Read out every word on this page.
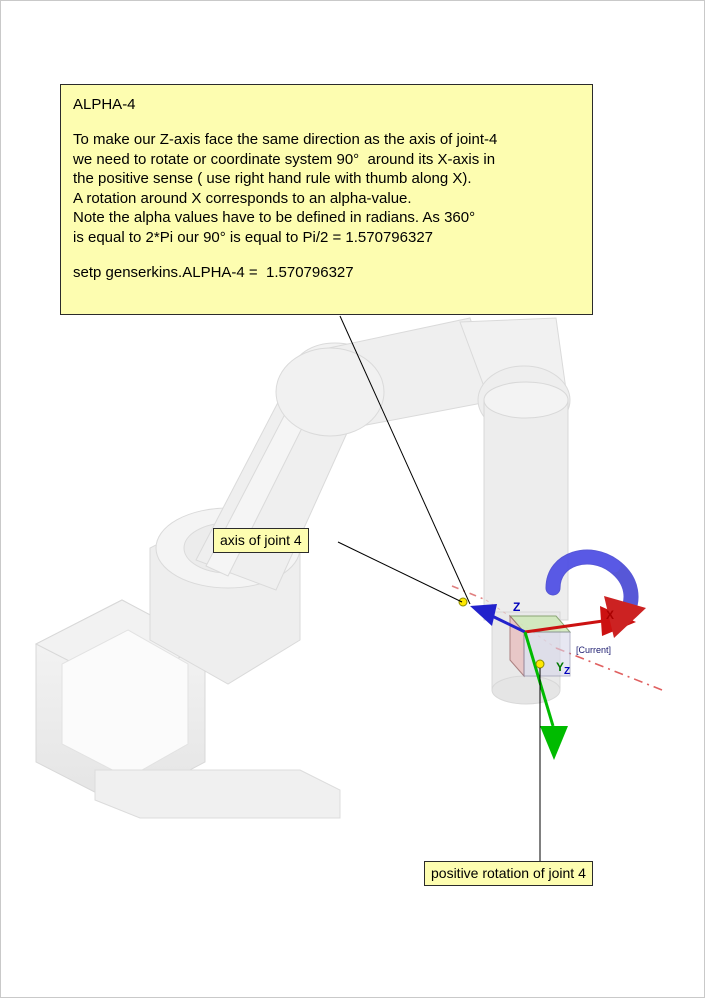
ALPHA-4
To make our Z-axis face the same direction as the axis of joint-4
we need to rotate or coordinate system 90°  around its X-axis in
the positive sense ( use right hand rule with thumb along X).
A rotation around X corresponds to an alpha-value.
Note the alpha values have to be defined in radians. As 360°
is equal to 2*Pi our 90° is equal to Pi/2 = 1.570796327
setp genserkins.ALPHA-4 =  1.570796327
axis of joint 4
positive rotation of joint 4
Z
X
Y Z
[Current]
